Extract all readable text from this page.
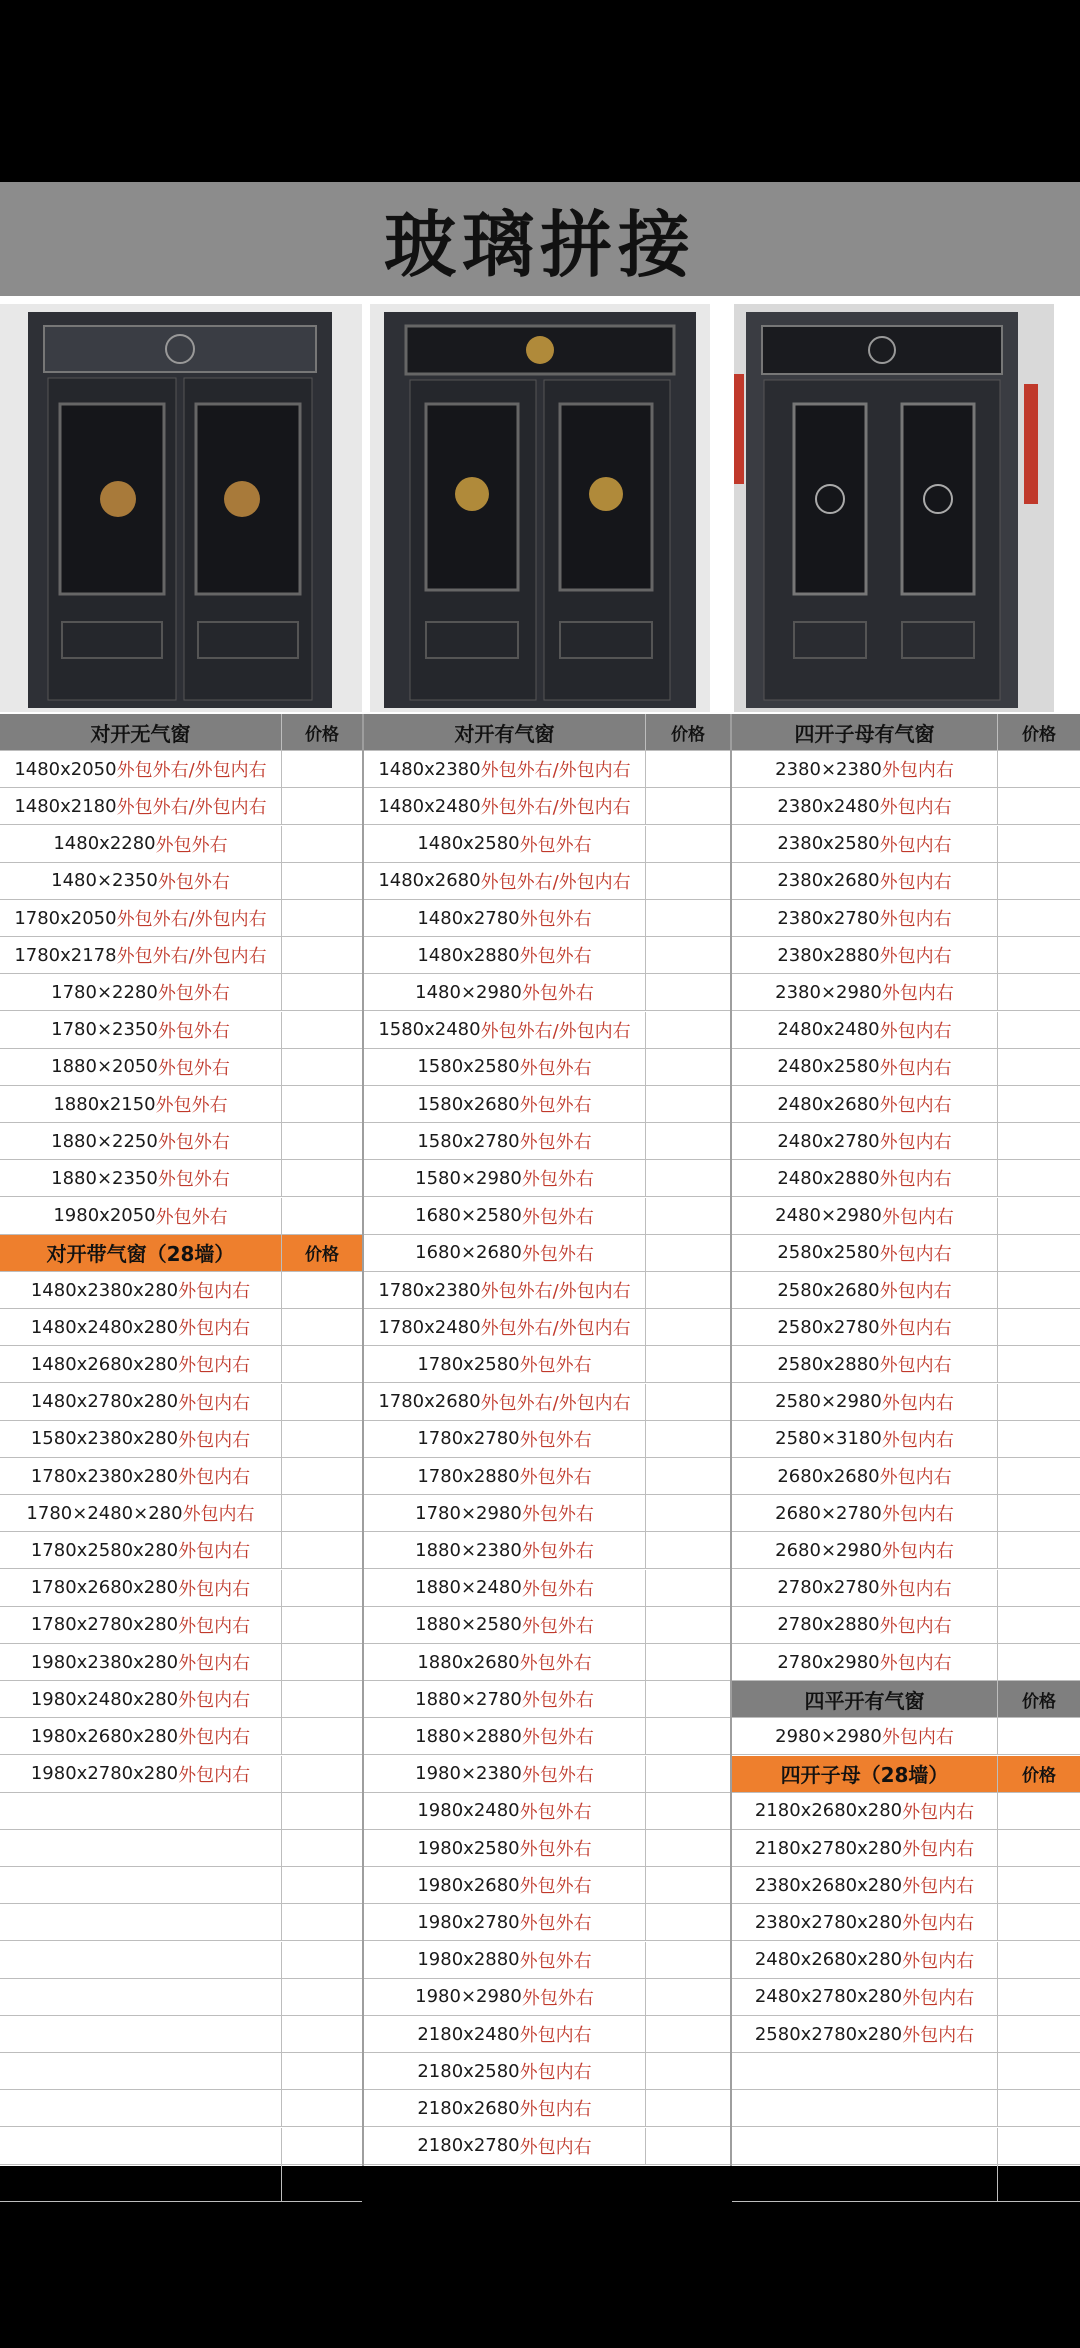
玻璃拼接
对开无气窗	价格
1480x2050 外包外右/外包内右
1480x2180 外包外右/外包内右
1480x2280 外包外右
1480×2350 外包外右
1780x2050 外包外右/外包内右
1780x2178 外包外右/外包内右
1780×2280 外包外右
1780×2350 外包外右
1880×2050 外包外右
1880x2150 外包外右
1880×2250 外包外右
1880×2350 外包外右
1980x2050 外包外右
对开带气窗（28墙）	价格
1480x2380x280 外包内右
1480x2480x280 外包内右
1480x2680x280 外包内右
1480x2780x280 外包内右
1580x2380x280 外包内右
1780x2380x280 外包内右
1780×2480×280 外包内右
1780x2580x280 外包内右
1780x2680x280 外包内右
1780x2780x280 外包内右
1980x2380x280 外包内右
1980x2480x280 外包内右
1980x2680x280 外包内右
1980x2780x280 外包内右
对开有气窗	价格
1480x2380 外包外右/外包内右
1480x2480 外包外右/外包内右
1480x2580 外包外右
1480x2680 外包外右/外包内右
1480x2780 外包外右
1480x2880 外包外右
1480×2980 外包外右
1580x2480 外包外右/外包内右
1580x2580 外包外右
1580x2680 外包外右
1580x2780 外包外右
1580×2980 外包外右
1680×2580 外包外右
1680×2680 外包外右
1780x2380 外包外右/外包内右
1780x2480 外包外右/外包内右
1780x2580 外包外右
1780x2680 外包外右/外包内右
1780x2780 外包外右
1780x2880 外包外右
1780×2980 外包外右
1880×2380 外包外右
1880×2480 外包外右
1880×2580 外包外右
1880x2680 外包外右
1880×2780 外包外右
1880×2880 外包外右
1980×2380 外包外右
1980x2480 外包外右
1980x2580 外包外右
1980x2680 外包外右
1980x2780 外包外右
1980x2880 外包外右
1980×2980 外包外右
2180x2480 外包内右
2180x2580 外包内右
2180x2680 外包内右
2180x2780 外包内右
四开子母有气窗	价格
2380×2380 外包内右
2380x2480 外包内右
2380x2580 外包内右
2380x2680 外包内右
2380x2780 外包内右
2380x2880 外包内右
2380×2980 外包内右
2480x2480 外包内右
2480x2580 外包内右
2480x2680 外包内右
2480x2780 外包内右
2480x2880 外包内右
2480×2980 外包内右
2580x2580 外包内右
2580x2680 外包内右
2580x2780 外包内右
2580x2880 外包内右
2580×2980 外包内右
2580×3180 外包内右
2680x2680 外包内右
2680×2780 外包内右
2680×2980 外包内右
2780x2780 外包内右
2780x2880 外包内右
2780x2980 外包内右
四平开有气窗	价格
2980×2980 外包内右
四开子母（28墙）	价格
2180x2680x280 外包内右
2180x2780x280 外包内右
2380x2680x280 外包内右
2380x2780x280 外包内右
2480x2680x280 外包内右
2480x2780x280 外包内右
2580x2780x280 外包内右
